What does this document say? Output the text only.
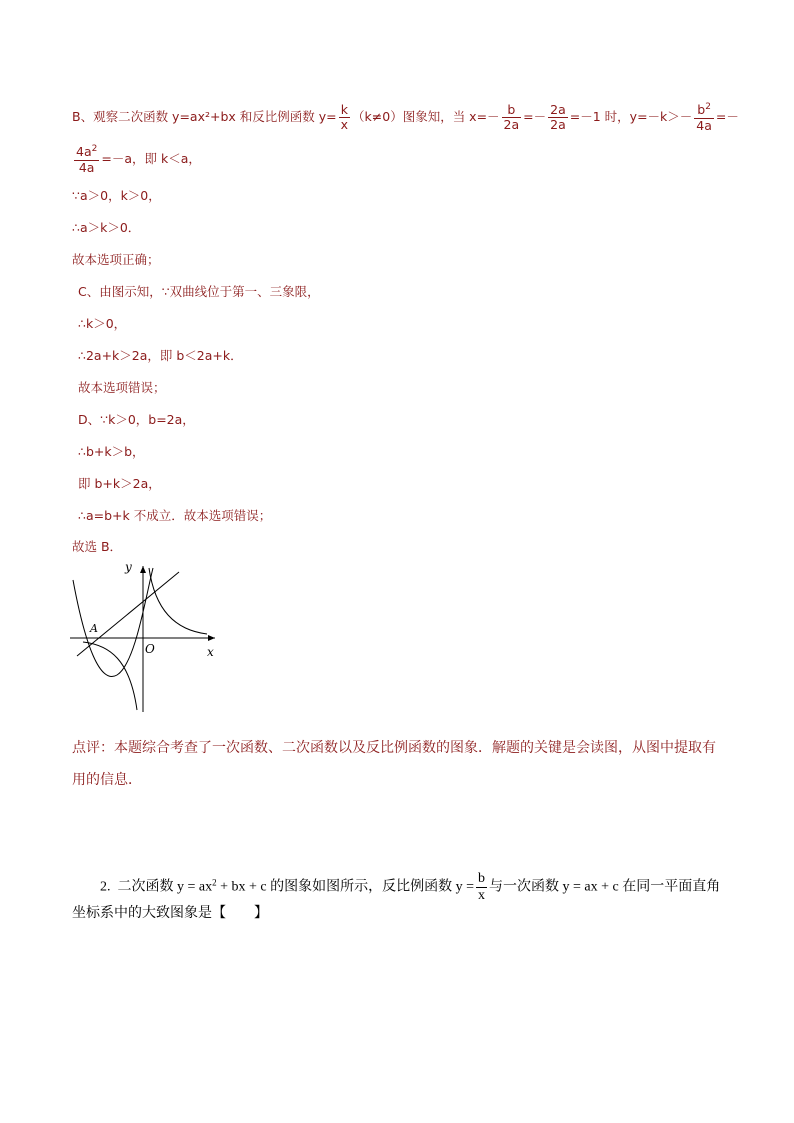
B、观察二次函数 y=ax²+bx 和反比例函数 $y= \frac{k}{x} (k\ne 0)$图象知，当 $x=- \frac{b}{2a} =- \frac{2a}{2a} =-1$ 时，$y=-k>- \frac{b^2}{4a}$ =－
$\frac{4a^2}{4a} =-a$，即 k＜a，
∵a＞0，k＞0，
∴a＞k＞0．
故本选项正确；
C、由图示知，∵双曲线位于第一、三象限，
∴k＞0，
∴2a+k＞2a，即 b＜2a+k．
故本选项错误；
D、∵k＞0，b=2a，
∴b+k＞b，
即 b+k＞2a，
∴a=b+k 不成立．故本选项错误；
故选 B．
y
x
O
A
点评：本题综合考查了一次函数、二次函数以及反比例函数的图象．解题的关键是会读图，从图中提取有
用的信息．
2. 二次函数 $y = ax^2$ + bx + c 的图象如图所示，反比例函数 $y = \frac{b}{x}$ 与一次函数 y = ax + c 在同一平面直角
坐标系中的大致图象是【　　】
